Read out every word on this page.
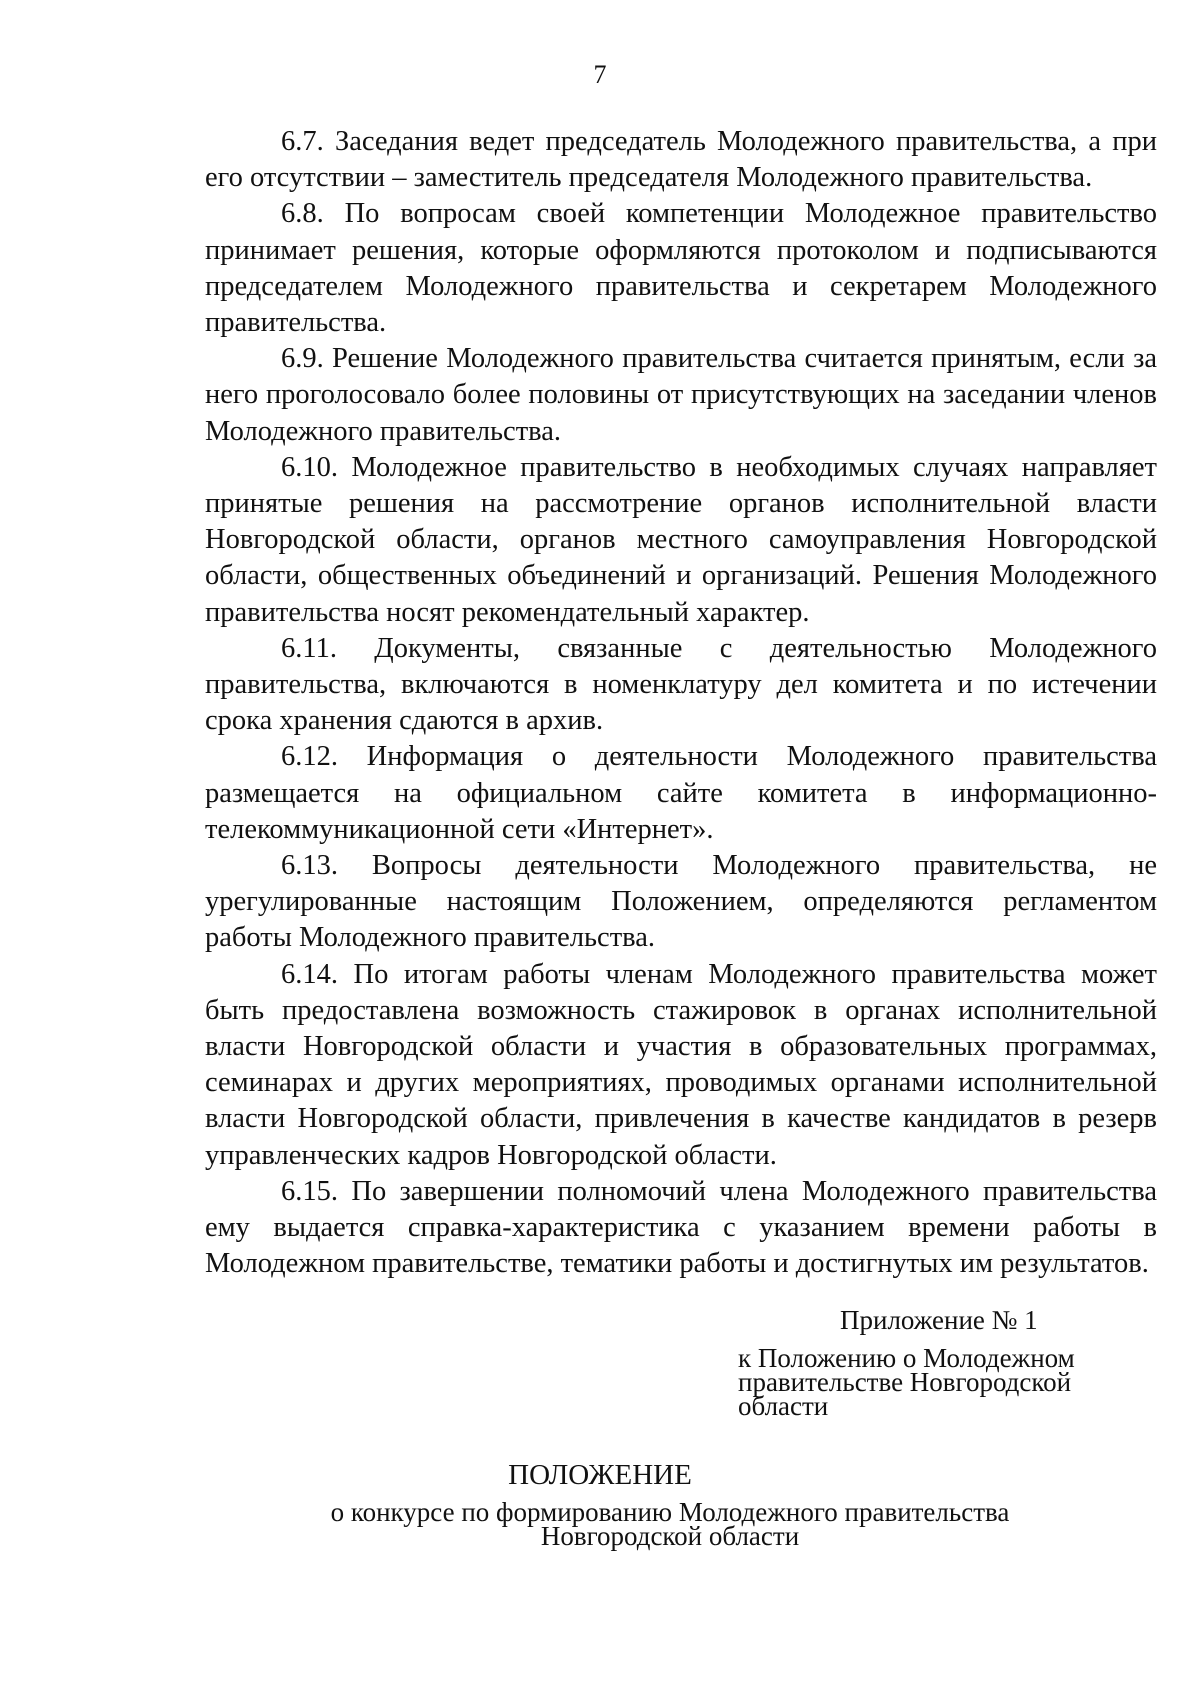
7

6.7. Заседания ведет председатель Молодежного правительства, а при его отсутствии – заместитель председателя Молодежного правительства.

6.8. По вопросам своей компетенции Молодежное правительство принимает решения, которые оформляются протоколом и подписываются председателем Молодежного правительства и секретарем Молодежного правительства.

6.9. Решение Молодежного правительства считается принятым, если за него проголосовало более половины от присутствующих на заседании членов Молодежного правительства.

6.10. Молодежное правительство в необходимых случаях направляет принятые решения на рассмотрение органов исполнительной власти Новгородской области, органов местного самоуправления Новгородской области, общественных объединений и организаций. Решения Молодежного правительства носят рекомендательный характер.

6.11. Документы, связанные с деятельностью Молодежного правительства, включаются в номенклатуру дел комитета и по истечении срока хранения сдаются в архив.

6.12. Информация о деятельности Молодежного правительства размещается на официальном сайте комитета в информационно-телекоммуникационной сети «Интернет».

6.13. Вопросы деятельности Молодежного правительства, не урегулированные настоящим Положением, определяются регламентом работы Молодежного правительства.

6.14. По итогам работы членам Молодежного правительства может быть предоставлена возможность стажировок в органах исполнительной власти Новгородской области и участия в образовательных программах, семинарах и других мероприятиях, проводимых органами исполнительной власти Новгородской области, привлечения в качестве кандидатов в резерв управленческих кадров Новгородской области.

6.15. По завершении полномочий члена Молодежного правительства ему выдается справка-характеристика с указанием времени работы в Молодежном правительстве, тематики работы и достигнутых им результатов.

Приложение № 1

к Положению о Молодежном

правительстве Новгородской

области

ПОЛОЖЕНИЕ

о конкурсе по формированию Молодежного правительства
Новгородской области
